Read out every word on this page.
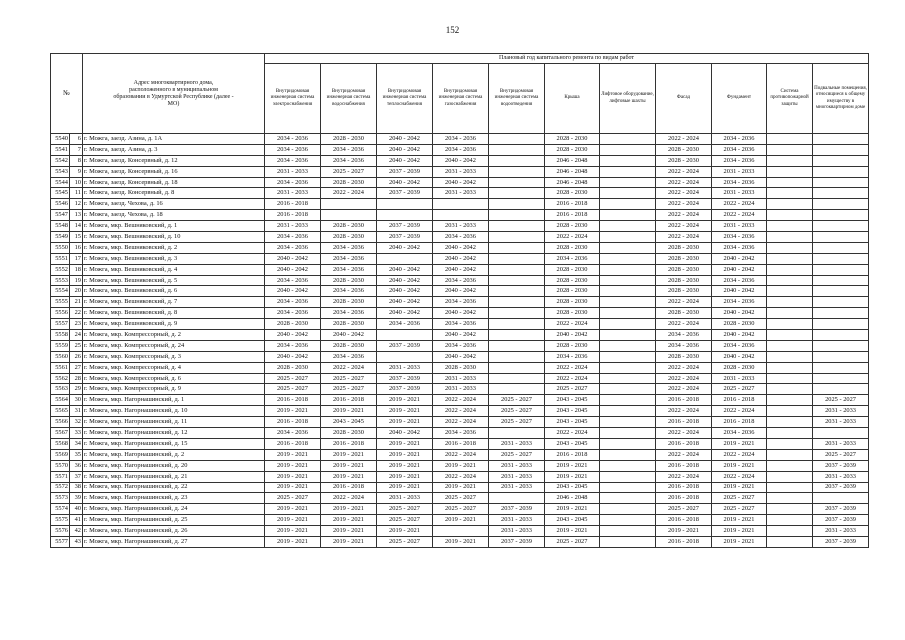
152
№		Адрес многоквартирного дома, расположенного в муниципальном образовании в Удмуртской Республике (далее - МО)	Плановый год капитального ремонта по видам работ										
			Внутридомовая инженерная система электроснабжения	Внутридомовая инженерная система водоснабжения	Внутридомовая инженерная система теплоснабжения	Внутридомовая инженерная система газоснабжения	Внутридомовая инженерная система водоотведения	Крыша	Лифтовое оборудование, лифтовые шахты	Фасад	Фундамент	Система противопожарной защиты	Подвальные помещения, относящиеся к общему имуществу в многоквартирном доме
5540	6	г. Можга, заезд. Азина, д. 1А	2034 - 2036	2028 - 2030	2040 - 2042	2034 - 2036		2028 - 2030		2022 - 2024	2034 - 2036		
5541	7	г. Можга, заезд. Азина, д. 3	2034 - 2036	2034 - 2036	2040 - 2042	2034 - 2036		2028 - 2030		2028 - 2030	2034 - 2036		
5542	8	г. Можга, заезд. Консервный, д. 12	2034 - 2036	2034 - 2036	2040 - 2042	2040 - 2042		2046 - 2048		2028 - 2030	2034 - 2036		
5543	9	г. Можга, заезд. Консервный, д. 16	2031 - 2033	2025 - 2027	2037 - 2039	2031 - 2033		2046 - 2048		2022 - 2024	2031 - 2033		
5544	10	г. Можга, заезд. Консервный, д. 18	2034 - 2036	2028 - 2030	2040 - 2042	2040 - 2042		2046 - 2048		2022 - 2024	2034 - 2036		
5545	11	г. Можга, заезд. Консервный, д. 8	2031 - 2033	2022 - 2024	2037 - 2039	2031 - 2033		2028 - 2030		2022 - 2024	2031 - 2033		
5546	12	г. Можга, заезд. Чехова, д. 16	2016 - 2018					2016 - 2018		2022 - 2024	2022 - 2024		
5547	13	г. Можга, заезд. Чехова, д. 18	2016 - 2018					2016 - 2018		2022 - 2024	2022 - 2024		
5548	14	г. Можга, мкр. Вешняковский, д. 1	2031 - 2033	2028 - 2030	2037 - 2039	2031 - 2033		2028 - 2030		2022 - 2024	2031 - 2033		
5549	15	г. Можга, мкр. Вешняковский, д. 10	2034 - 2036	2028 - 2030	2037 - 2039	2034 - 2036		2022 - 2024		2022 - 2024	2034 - 2036		
5550	16	г. Можга, мкр. Вешняковский, д. 2	2034 - 2036	2034 - 2036	2040 - 2042	2040 - 2042		2028 - 2030		2028 - 2030	2034 - 2036		
5551	17	г. Можга, мкр. Вешняковский, д. 3	2040 - 2042	2034 - 2036		2040 - 2042		2034 - 2036		2028 - 2030	2040 - 2042		
5552	18	г. Можга, мкр. Вешняковский, д. 4	2040 - 2042	2034 - 2036	2040 - 2042	2040 - 2042		2028 - 2030		2028 - 2030	2040 - 2042		
5553	19	г. Можга, мкр. Вешняковский, д. 5	2034 - 2036	2028 - 2030	2040 - 2042	2034 - 2036		2028 - 2030		2028 - 2030	2034 - 2036		
5554	20	г. Можга, мкр. Вешняковский, д. 6	2040 - 2042	2034 - 2036	2040 - 2042	2040 - 2042		2028 - 2030		2028 - 2030	2040 - 2042		
5555	21	г. Можга, мкр. Вешняковский, д. 7	2034 - 2036	2028 - 2030	2040 - 2042	2034 - 2036		2028 - 2030		2022 - 2024	2034 - 2036		
5556	22	г. Можга, мкр. Вешняковский, д. 8	2034 - 2036	2034 - 2036	2040 - 2042	2040 - 2042		2028 - 2030		2028 - 2030	2040 - 2042		
5557	23	г. Можга, мкр. Вешняковский, д. 9	2028 - 2030	2028 - 2030	2034 - 2036	2034 - 2036		2022 - 2024		2022 - 2024	2028 - 2030		
5558	24	г. Можга, мкр. Компрессорный, д. 2	2040 - 2042	2040 - 2042		2040 - 2042		2040 - 2042		2034 - 2036	2040 - 2042		
5559	25	г. Можга, мкр. Компрессорный, д. 24	2034 - 2036	2028 - 2030	2037 - 2039	2034 - 2036		2028 - 2030		2034 - 2036	2034 - 2036		
5560	26	г. Можга, мкр. Компрессорный, д. 3	2040 - 2042	2034 - 2036		2040 - 2042		2034 - 2036		2028 - 2030	2040 - 2042		
5561	27	г. Можга, мкр. Компрессорный, д. 4	2028 - 2030	2022 - 2024	2031 - 2033	2028 - 2030		2022 - 2024		2022 - 2024	2028 - 2030		
5562	28	г. Можга, мкр. Компрессорный, д. 6	2025 - 2027	2025 - 2027	2037 - 2039	2031 - 2033		2022 - 2024		2022 - 2024	2031 - 2033		
5563	29	г. Можга, мкр. Компрессорный, д. 9	2025 - 2027	2025 - 2027	2037 - 2039	2031 - 2033		2025 - 2027		2022 - 2024	2025 - 2027		
5564	30	г. Можга, мкр. Нагорнашинский, д. 1	2016 - 2018	2016 - 2018	2019 - 2021	2022 - 2024	2025 - 2027	2043 - 2045		2016 - 2018	2016 - 2018		2025 - 2027
5565	31	г. Можга, мкр. Нагорнашинский, д. 10	2019 - 2021	2019 - 2021	2019 - 2021	2022 - 2024	2025 - 2027	2043 - 2045		2022 - 2024	2022 - 2024		2031 - 2033
5566	32	г. Можга, мкр. Нагорнашинский, д. 11	2016 - 2018	2043 - 2045	2019 - 2021	2022 - 2024	2025 - 2027	2043 - 2045		2016 - 2018	2016 - 2018		2031 - 2033
5567	33	г. Можга, мкр. Нагорнашинский, д. 12	2034 - 2036	2028 - 2030	2040 - 2042	2034 - 2036		2022 - 2024		2022 - 2024	2034 - 2036		
5568	34	г. Можга, мкр. Нагорнашинский, д. 15	2016 - 2018	2016 - 2018	2019 - 2021	2016 - 2018	2031 - 2033	2043 - 2045		2016 - 2018	2019 - 2021		2031 - 2033
5569	35	г. Можга, мкр. Нагорнашинский, д. 2	2019 - 2021	2019 - 2021	2019 - 2021	2022 - 2024	2025 - 2027	2016 - 2018		2022 - 2024	2022 - 2024		2025 - 2027
5570	36	г. Можга, мкр. Нагорнашинский, д. 20	2019 - 2021	2019 - 2021	2019 - 2021	2019 - 2021	2031 - 2033	2019 - 2021		2016 - 2018	2019 - 2021		2037 - 2039
5571	37	г. Можга, мкр. Нагорнашинский, д. 21	2019 - 2021	2019 - 2021	2019 - 2021	2022 - 2024	2031 - 2033	2019 - 2021		2022 - 2024	2022 - 2024		2031 - 2033
5572	38	г. Можга, мкр. Нагорнашинский, д. 22	2019 - 2021	2016 - 2018	2019 - 2021	2019 - 2021	2031 - 2033	2043 - 2045		2016 - 2018	2019 - 2021		2037 - 2039
5573	39	г. Можга, мкр. Нагорнашинский, д. 23	2025 - 2027	2022 - 2024	2031 - 2033	2025 - 2027		2046 - 2048		2016 - 2018	2025 - 2027		
5574	40	г. Можга, мкр. Нагорнашинский, д. 24	2019 - 2021	2019 - 2021	2025 - 2027	2025 - 2027	2037 - 2039	2019 - 2021		2025 - 2027	2025 - 2027		2037 - 2039
5575	41	г. Можга, мкр. Нагорнашинский, д. 25	2019 - 2021	2019 - 2021	2025 - 2027	2019 - 2021	2031 - 2033	2043 - 2045		2016 - 2018	2019 - 2021		2037 - 2039
5576	42	г. Можга, мкр. Нагорнашинский, д. 26	2019 - 2021	2019 - 2021	2019 - 2021		2031 - 2033	2019 - 2021		2019 - 2021	2019 - 2021		2031 - 2033
5577	43	г. Можга, мкр. Нагорнашинский, д. 27	2019 - 2021	2019 - 2021	2025 - 2027	2019 - 2021	2037 - 2039	2025 - 2027		2016 - 2018	2019 - 2021		2037 - 2039
